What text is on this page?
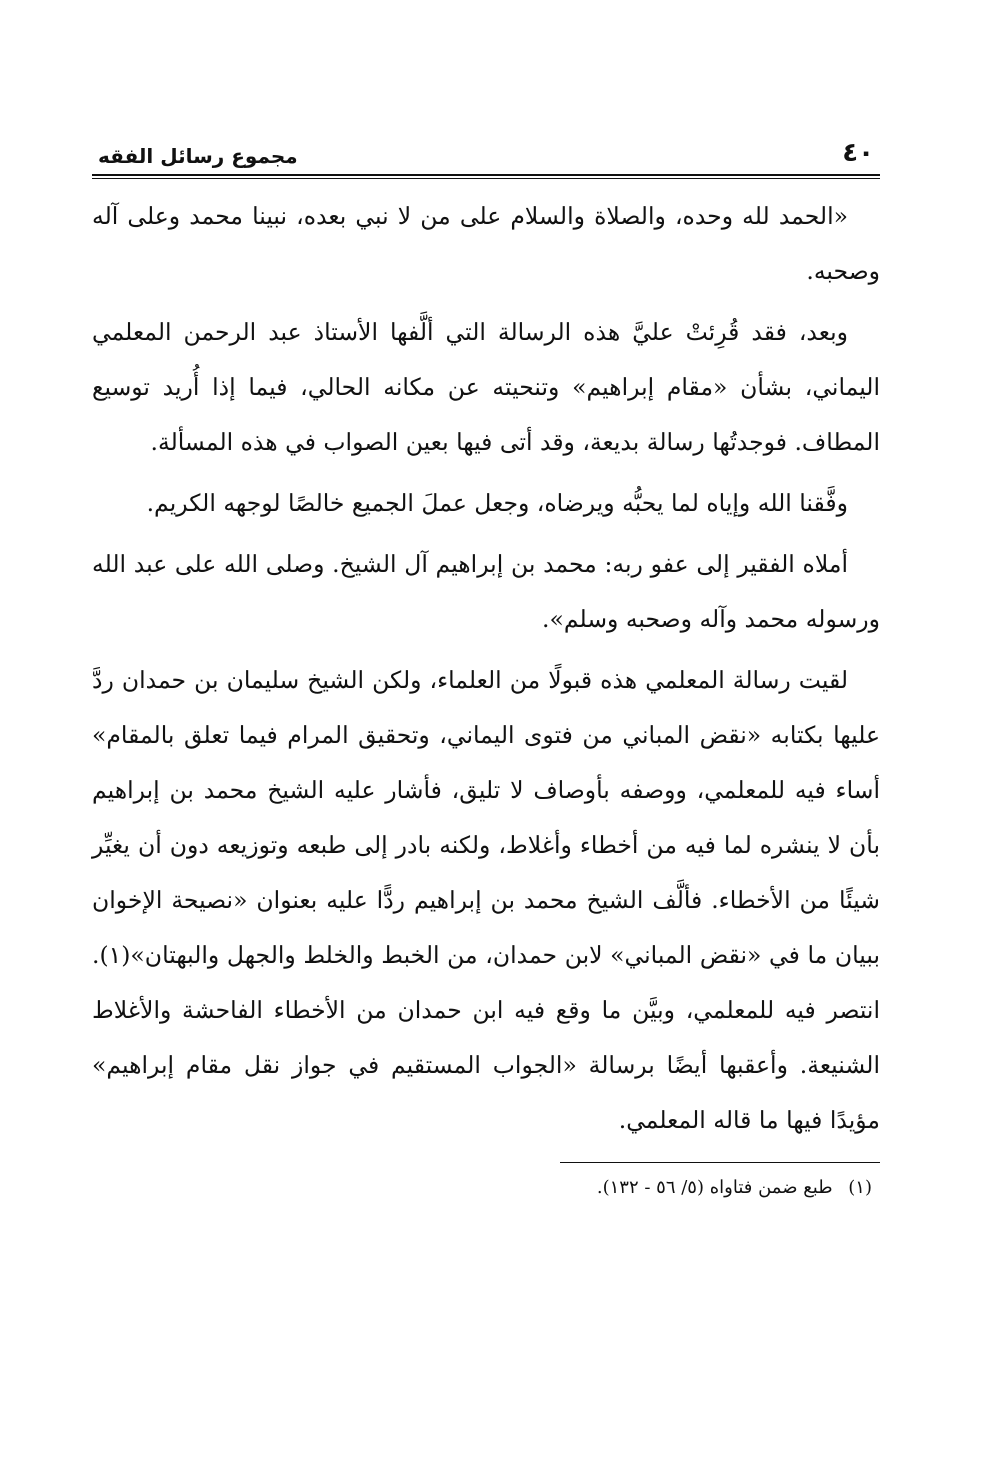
٤٠
مجموع رسائل الفقه

«الحمد لله وحده، والصلاة والسلام على من لا نبي بعده، نبينا محمد وعلى آله وصحبه.

وبعد، فقد قُرِئتْ عليَّ هذه الرسالة التي ألَّفها الأستاذ عبد الرحمن المعلمي اليماني، بشأن «مقام إبراهيم» وتنحيته عن مكانه الحالي، فيما إذا أُريد توسيع المطاف. فوجدتُها رسالة بديعة، وقد أتى فيها بعين الصواب في هذه المسألة.

وفَّقنا الله وإياه لما يحبُّه ويرضاه، وجعل عملَ الجميع خالصًا لوجهه الكريم.

أملاه الفقير إلى عفو ربه: محمد بن إبراهيم آل الشيخ. وصلى الله على عبد الله ورسوله محمد وآله وصحبه وسلم».

لقيت رسالة المعلمي هذه قبولًا من العلماء، ولكن الشيخ سليمان بن حمدان ردَّ عليها بكتابه «نقض المباني من فتوى اليماني، وتحقيق المرام فيما تعلق بالمقام» أساء فيه للمعلمي، ووصفه بأوصاف لا تليق، فأشار عليه الشيخ محمد بن إبراهيم بأن لا ينشره لما فيه من أخطاء وأغلاط، ولكنه بادر إلى طبعه وتوزيعه دون أن يغيِّر شيئًا من الأخطاء. فألَّف الشيخ محمد بن إبراهيم ردًّا عليه بعنوان «نصيحة الإخوان ببيان ما في «نقض المباني» لابن حمدان، من الخبط والخلط والجهل والبهتان»(١). انتصر فيه للمعلمي، وبيَّن ما وقع فيه ابن حمدان من الأخطاء الفاحشة والأغلاط الشنيعة. وأعقبها أيضًا برسالة «الجواب المستقيم في جواز نقل مقام إبراهيم» مؤيدًا فيها ما قاله المعلمي.

(١) طبع ضمن فتاواه (٥/ ٥٦ - ١٣٢).
